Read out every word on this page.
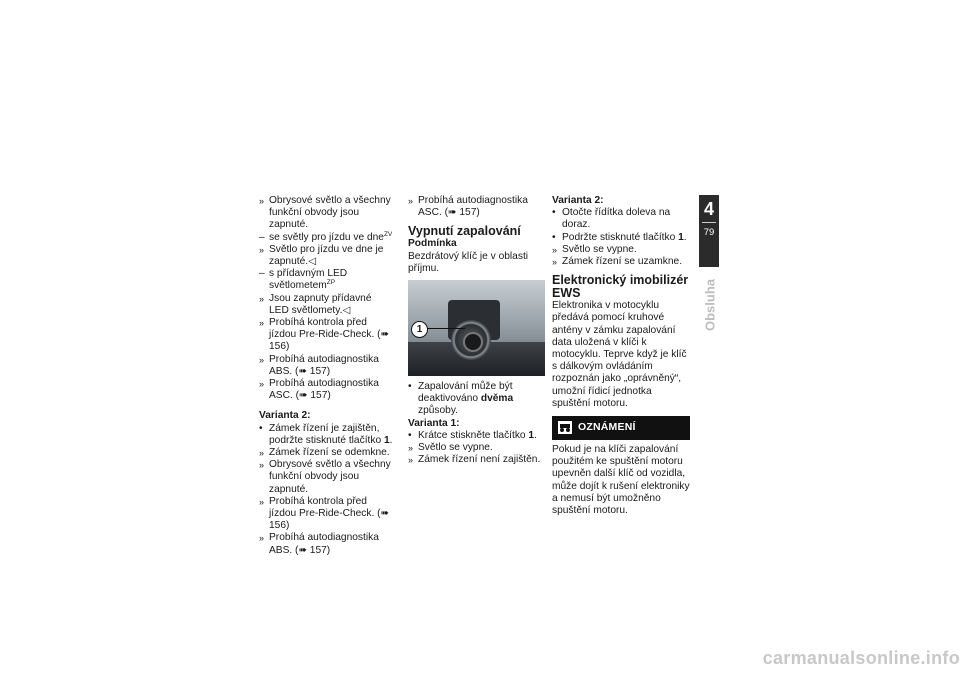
» Obrysové světlo a všechny funkční obvody jsou zapnuté.
– se světly pro jízdu ve dne$^{ZV}$
» Světlo pro jízdu ve dne je zapnuté.◁
– s přídavným LED světlometem$^{ZP}$
» Jsou zapnuty přídavné LED světlomety.◁
» Probíhá kontrola před jízdou Pre-Ride-Check. (➠ 156)
» Probíhá autodiagnostika ABS. (➠ 157)
» Probíhá autodiagnostika ASC. (➠ 157)
Varianta 2:
• Zámek řízení je zajištěn, podržte stisknuté tlačítko 1.
» Zámek řízení se odemkne.
» Obrysové světlo a všechny funkční obvody jsou zapnuté.
» Probíhá kontrola před jízdou Pre-Ride-Check. (➠ 156)
» Probíhá autodiagnostika ABS. (➠ 157)
» Probíhá autodiagnostika ASC. (➠ 157)
Vypnutí zapalování
Podmínka

Bezdrátový klíč je v oblasti příjmu.

1
• Zapalování může být deaktivováno dvěma způsoby.
Varianta 1:
• Krátce stiskněte tlačítko 1.
» Světlo se vypne.
» Zámek řízení není zajištěn.
Varianta 2:
• Otočte řídítka doleva na doraz.
• Podržte stisknuté tlačítko 1.
» Světlo se vypne.
» Zámek řízení se uzamkne.
Elektronický imobilizér EWS

Elektronika v motocyklu předává pomocí kruhové antény v zámku zapalování data uložená v klíči k motocyklu. Teprve když je klíč s dálkovým ovládáním rozpoznán jako „oprávněný“, umožní řídicí jednotka spuštění motoru.

OZNÁMENÍ

Pokud je na klíči zapalování použitém ke spuštění motoru upevněn další klíč od vozidla, může dojít k rušení elektroniky a nemusí být umožněno spuštění motoru.

4
79
Obsluha
carmanualsonline.info
